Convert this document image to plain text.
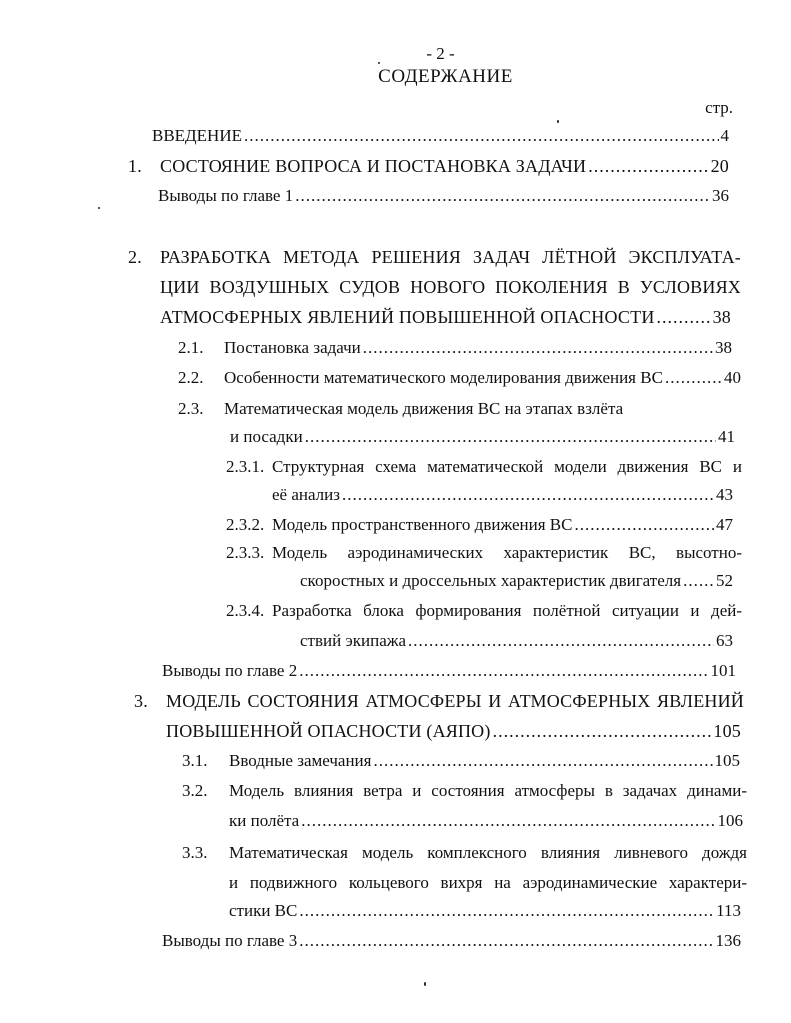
- 2 -
СОДЕРЖАНИЕ
стр.
ВВЕДЕНИЕ .....	4
1. СОСТОЯНИЕ ВОПРОСА И ПОСТАНОВКА ЗАДАЧИ .....	20
Выводы по главе 1 .....	36
2. РАЗРАБОТКА МЕТОДА РЕШЕНИЯ ЗАДАЧ ЛЁТНОЙ ЭКСПЛУАТА-
ЦИИ ВОЗДУШНЫХ СУДОВ НОВОГО ПОКОЛЕНИЯ В УСЛОВИЯХ
АТМОСФЕРНЫХ ЯВЛЕНИЙ ПОВЫШЕННОЙ ОПАСНОСТИ .....	38
2.1. Постановка задачи .....	38
2.2. Особенности математического моделирования движения ВС .....	40
2.3. Математическая модель движения ВС на этапах взлёта
и посадки .....	41
2.3.1. Структурная схема математической модели движения ВС и
её анализ .....	43
2.3.2. Модель пространственного движения ВС .....	47
2.3.3. Модель аэродинамических характеристик ВС, высотно-
скоростных и дроссельных характеристик двигателя ..... 52
2.3.4. Разработка блока формирования полётной ситуации и дей-
ствий экипажа .....	63
Выводы по главе 2 .....	101
3. МОДЕЛЬ СОСТОЯНИЯ АТМОСФЕРЫ И АТМОСФЕРНЫХ ЯВЛЕНИЙ
ПОВЫШЕННОЙ ОПАСНОСТИ (АЯПО) .....	105
3.1. Вводные замечания .....	105
3.2. Модель влияния ветра и состояния атмосферы в задачах динами-
ки полёта .....	106
3.3. Математическая модель комплексного влияния ливневого дождя
и подвижного кольцевого вихря на аэродинамические характери-
стики ВС .....	113
Выводы по главе 3 .....	136
